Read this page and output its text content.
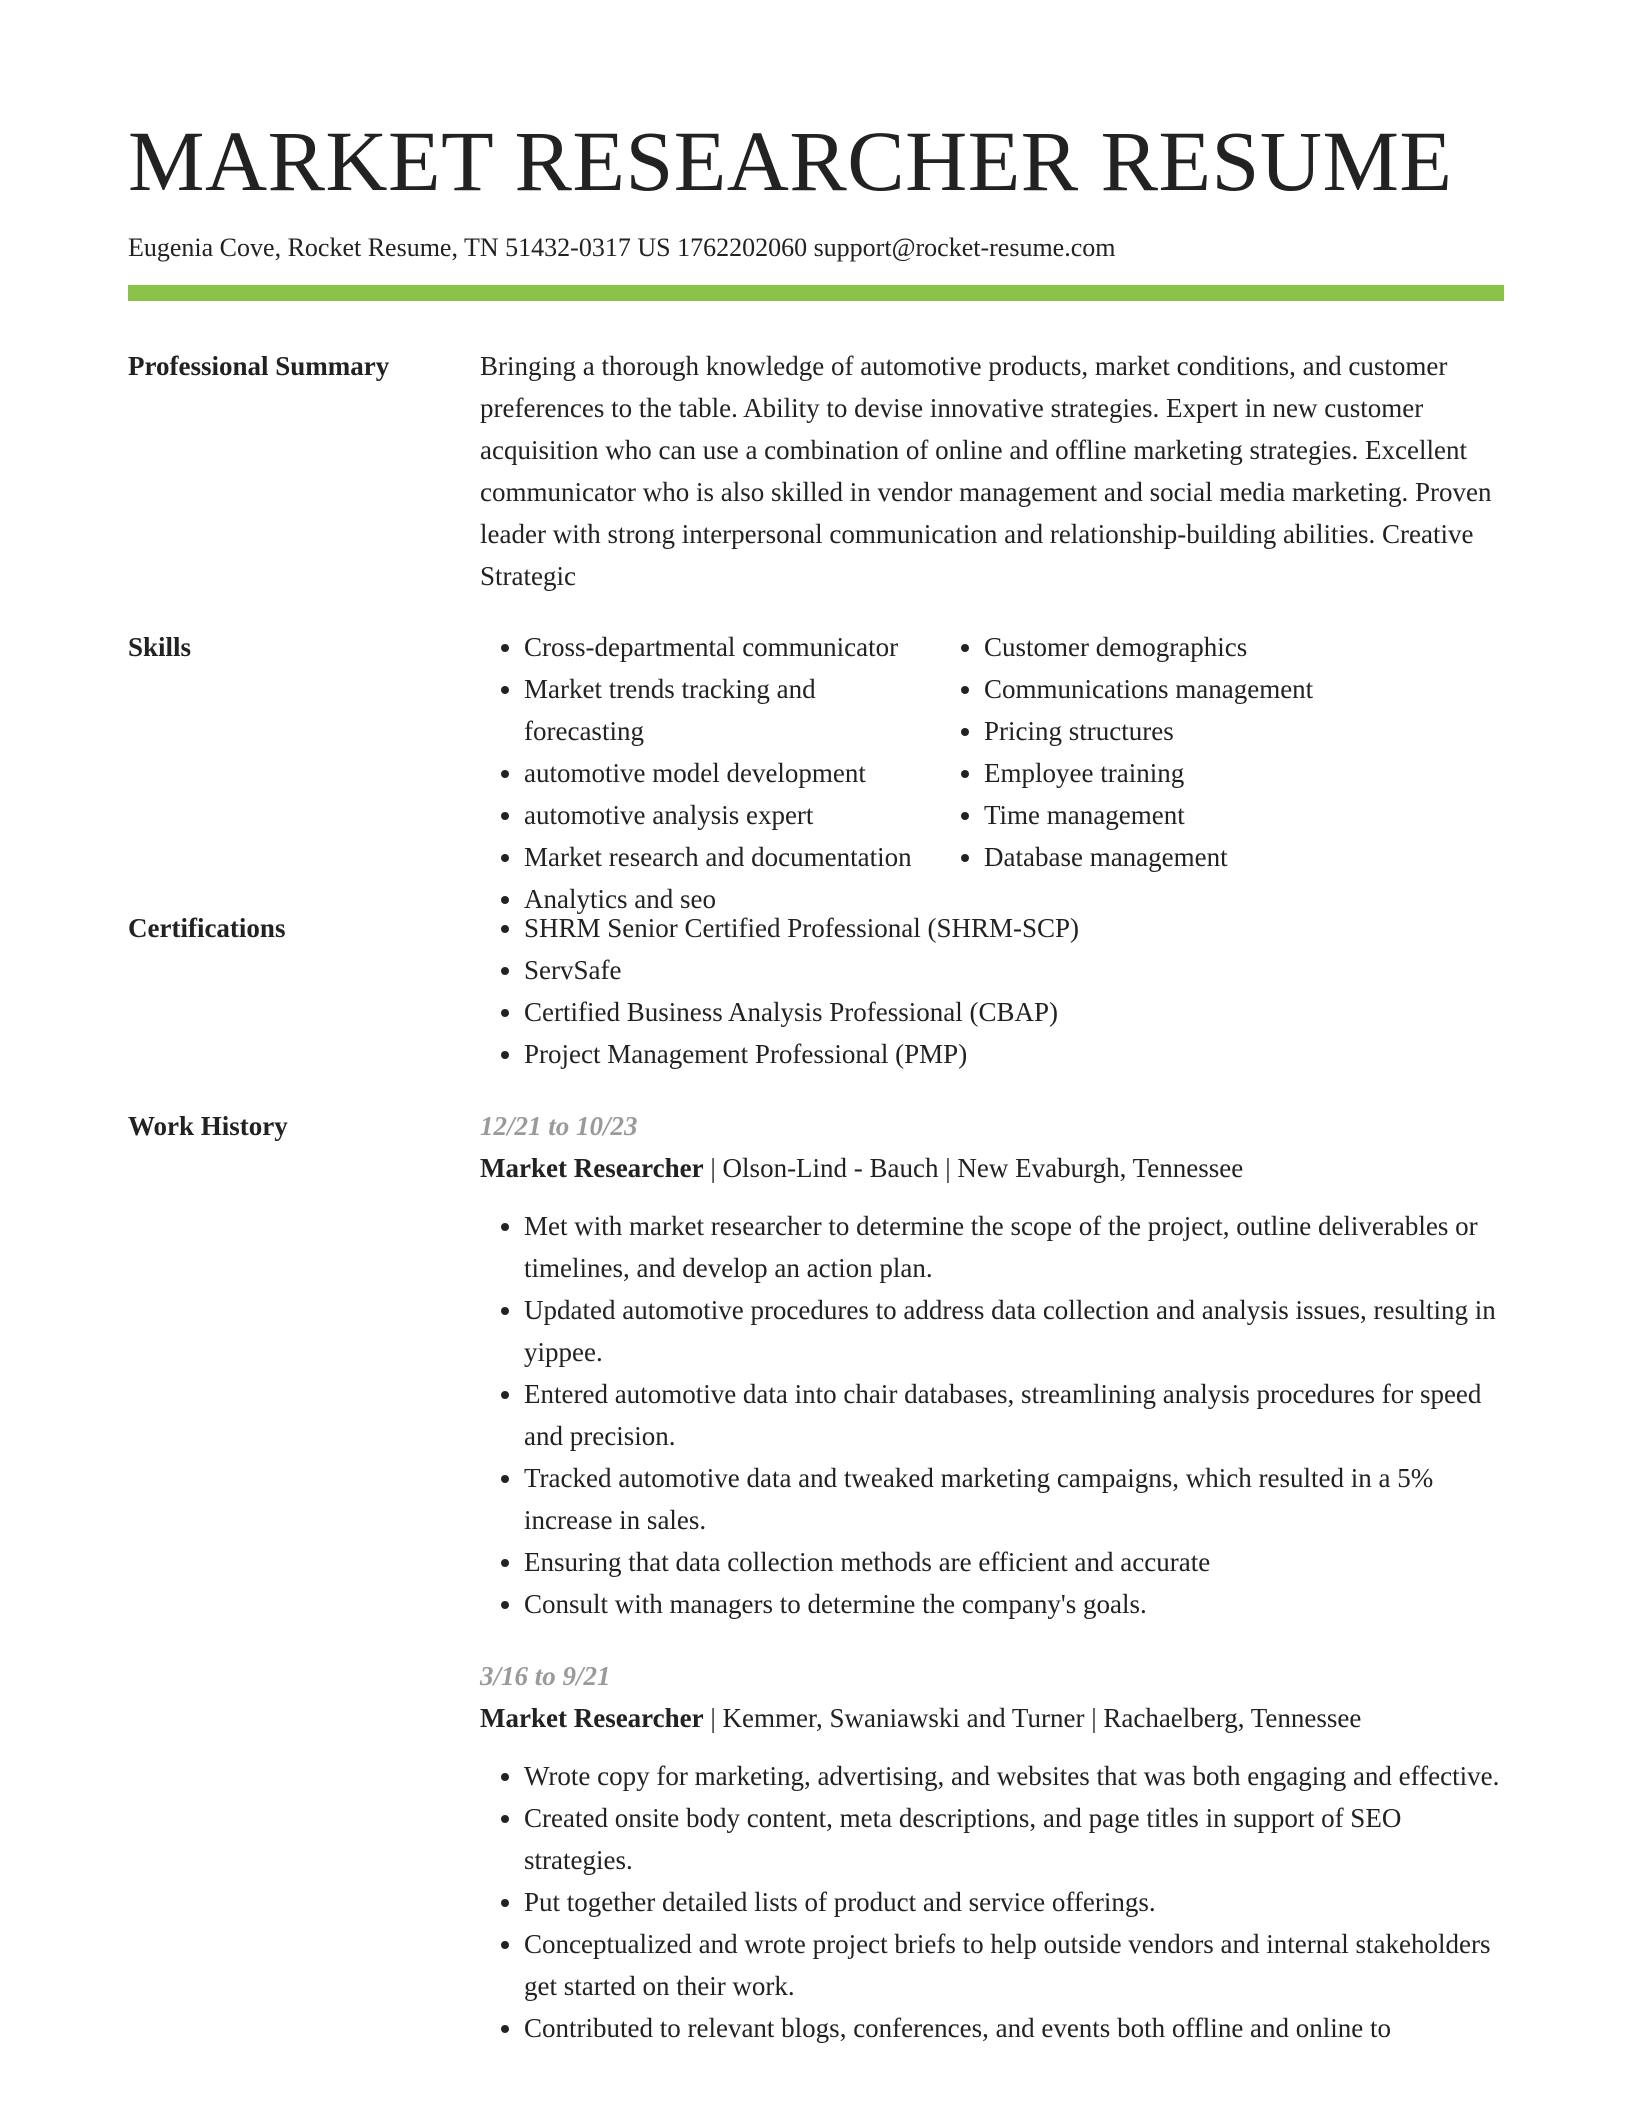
MARKET RESEARCHER RESUME
Eugenia Cove, Rocket Resume, TN 51432-0317 US 1762202060 support@rocket-resume.com
Professional Summary	Bringing a thorough knowledge of automotive products, market conditions, and customer preferences to the table. Ability to devise innovative strategies. Expert in new customer acquisition who can use a combination of online and offline marketing strategies. Excellent communicator who is also skilled in vendor management and social media marketing. Proven leader with strong interpersonal communication and relationship-building abilities. Creative Strategic

Skills	• Cross-departmental communicator
• Market trends tracking and forecasting
• automotive model development
• automotive analysis expert
• Market research and documentation
• Analytics and seo
• Customer demographics
• Communications management
• Pricing structures
• Employee training
• Time management
• Database management
Certifications	• SHRM Senior Certified Professional (SHRM-SCP)
• ServSafe
• Certified Business Analysis Professional (CBAP)
• Project Management Professional (PMP)
Work History	12/21 to 10/23
Market Researcher | Olson-Lind - Bauch | New Evaburgh, Tennessee
• Met with market researcher to determine the scope of the project, outline deliverables or timelines, and develop an action plan.
• Updated automotive procedures to address data collection and analysis issues, resulting in yippee.
• Entered automotive data into chair databases, streamlining analysis procedures for speed and precision.
• Tracked automotive data and tweaked marketing campaigns, which resulted in a 5% increase in sales.
• Ensuring that data collection methods are efficient and accurate
• Consult with managers to determine the company's goals.
3/16 to 9/21
Market Researcher | Kemmer, Swaniawski and Turner | Rachaelberg, Tennessee
• Wrote copy for marketing, advertising, and websites that was both engaging and effective.
• Created onsite body content, meta descriptions, and page titles in support of SEO strategies.
• Put together detailed lists of product and service offerings.
• Conceptualized and wrote project briefs to help outside vendors and internal stakeholders get started on their work.
• Contributed to relevant blogs, conferences, and events both offline and online to
